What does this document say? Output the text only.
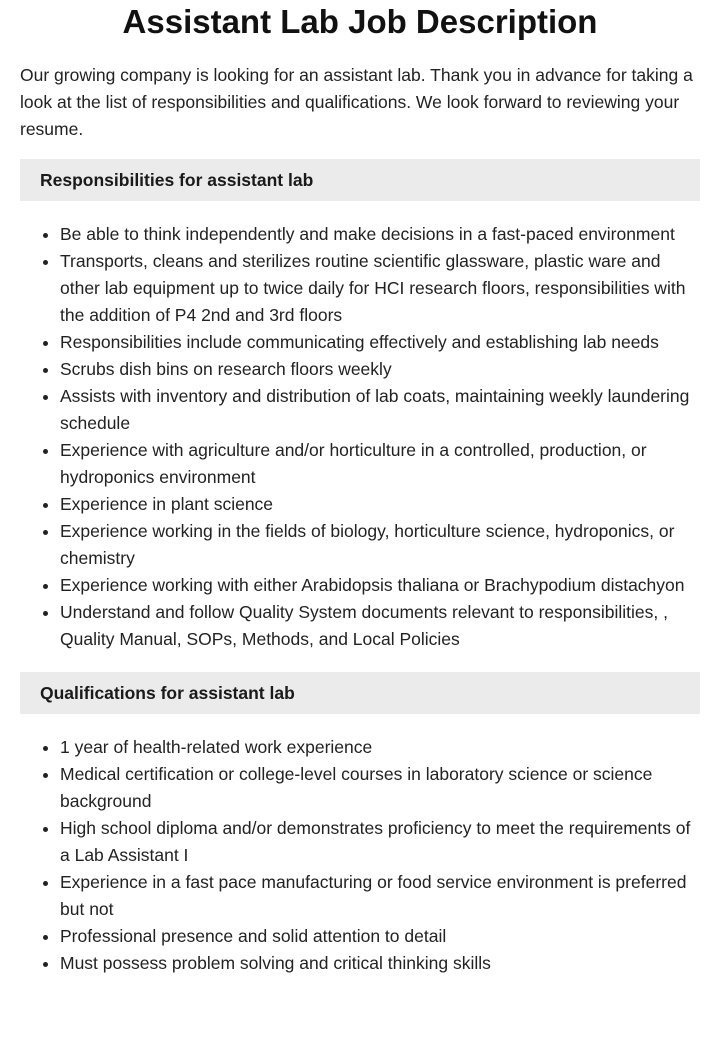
Assistant Lab Job Description

Our growing company is looking for an assistant lab. Thank you in advance for taking a look at the list of responsibilities and qualifications. We look forward to reviewing your resume.

Responsibilities for assistant lab
• Be able to think independently and make decisions in a fast-paced environment
• Transports, cleans and sterilizes routine scientific glassware, plastic ware and other lab equipment up to twice daily for HCI research floors, responsibilities with the addition of P4 2nd and 3rd floors
• Responsibilities include communicating effectively and establishing lab needs
• Scrubs dish bins on research floors weekly
• Assists with inventory and distribution of lab coats, maintaining weekly laundering schedule
• Experience with agriculture and/or horticulture in a controlled, production, or hydroponics environment
• Experience in plant science
• Experience working in the fields of biology, horticulture science, hydroponics, or chemistry
• Experience working with either Arabidopsis thaliana or Brachypodium distachyon
• Understand and follow Quality System documents relevant to responsibilities, , Quality Manual, SOPs, Methods, and Local Policies
Qualifications for assistant lab
• 1 year of health-related work experience
• Medical certification or college-level courses in laboratory science or science background
• High school diploma and/or demonstrates proficiency to meet the requirements of a Lab Assistant I
• Experience in a fast pace manufacturing or food service environment is preferred but not
• Professional presence and solid attention to detail
• Must possess problem solving and critical thinking skills
